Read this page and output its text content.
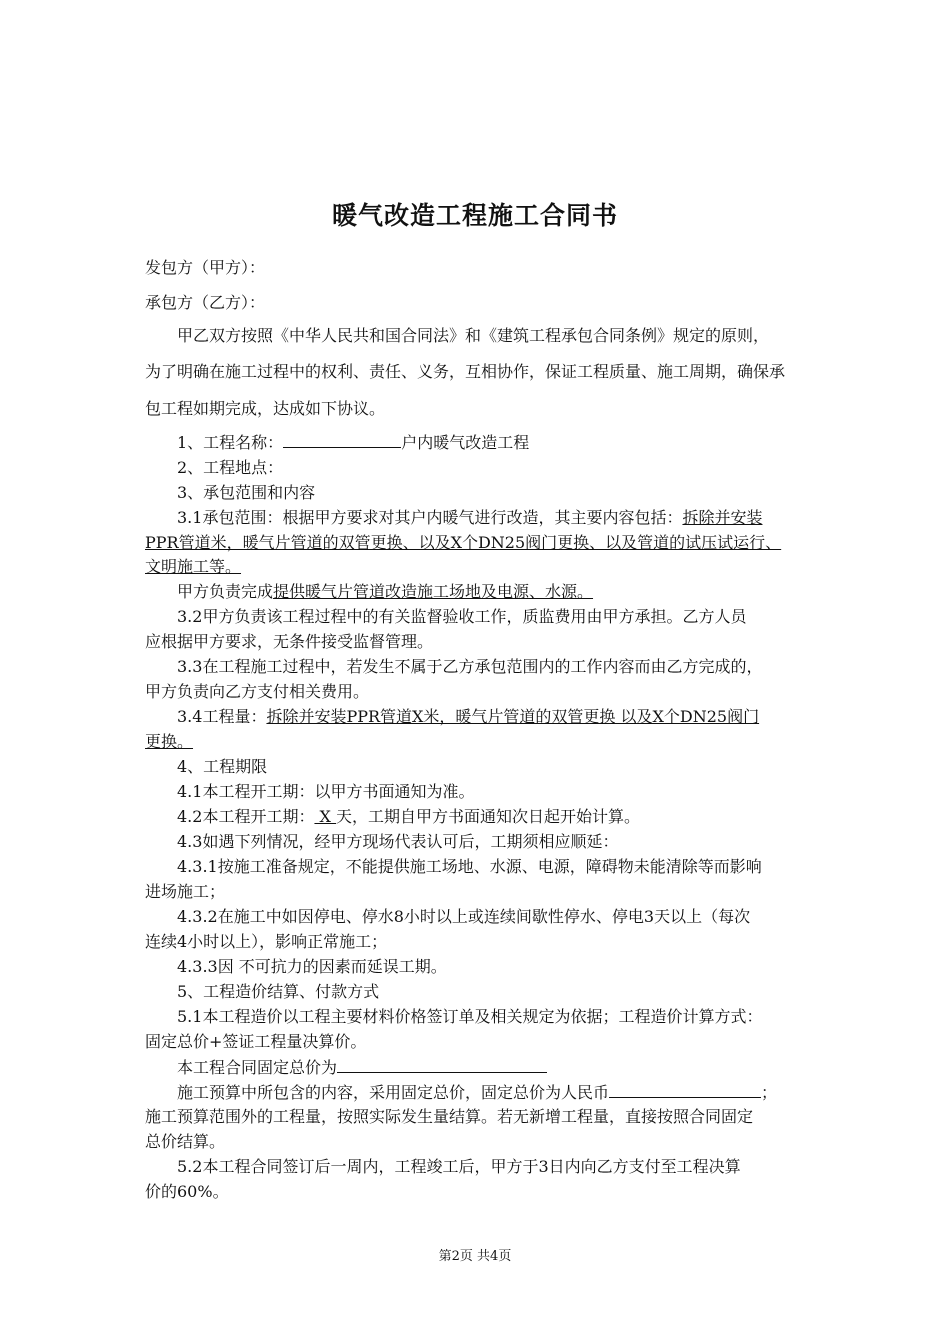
暖气改造工程施工合同书
发包方（甲方）：
承包方（乙方）：
甲乙双方按照《中华人民共和国合同法》和《建筑工程承包合同条例》规定的原则，
为了明确在施工过程中的权利、责任、义务，互相协作，保证工程质量、施工周期，确保承
包工程如期完成，达成如下协议。
1、工程名称：	户内暖气改造工程
2、工程地点：
3、承包范围和内容
3.1承包范围：根据甲方要求对其户内暖气进行改造，其主要内容包括：拆除并安装
PPR管道米，暖气片管道的双管更换、以及X个DN25阀门更换、以及管道的试压试运行、
文明施工等。
甲方负责完成提供暖气片管道改造施工场地及电源、水源。
3.2甲方负责该工程过程中的有关监督验收工作，质监费用由甲方承担。乙方人员
应根据甲方要求，无条件接受监督管理。
3.3在工程施工过程中，若发生不属于乙方承包范围内的工作内容而由乙方完成的，
甲方负责向乙方支付相关费用。
3.4工程量：拆除并安装PPR管道X米，暖气片管道的双管更换 以及X个DN25阀门
更换。
4、工程期限
4.1本工程开工期：以甲方书面通知为准。
4.2本工程开工期： X 天，工期自甲方书面通知次日起开始计算。
4.3如遇下列情况，经甲方现场代表认可后，工期须相应顺延：
4.3.1按施工准备规定，不能提供施工场地、水源、电源，障碍物未能清除等而影响
进场施工；
4.3.2在施工中如因停电、停水8小时以上或连续间歇性停水、停电3天以上（每次
连续4小时以上），影响正常施工；
4.3.3因 不可抗力的因素而延误工期。
5、工程造价结算、付款方式
5.1本工程造价以工程主要材料价格签订单及相关规定为依据；工程造价计算方式：
固定总价+签证工程量决算价。
本工程合同固定总价为
施工预算中所包含的内容，采用固定总价，固定总价为人民币	；
施工预算范围外的工程量，按照实际发生量结算。若无新增工程量，直接按照合同固定
总价结算。
5.2本工程合同签订后一周内，工程竣工后，甲方于3日内向乙方支付至工程决算
价的60%。
第2页 共4页
